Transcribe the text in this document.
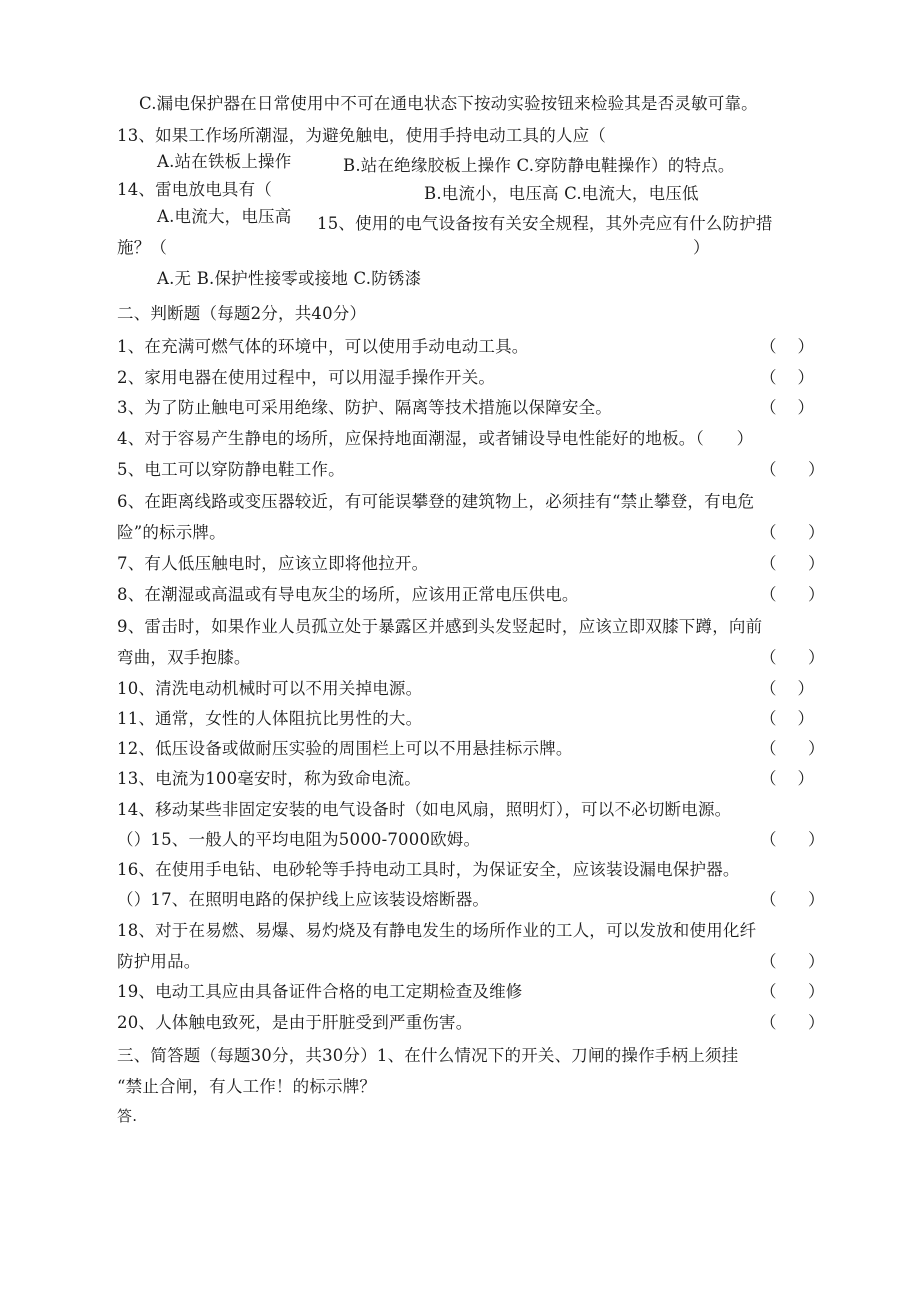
C.漏电保护器在日常使用中不可在通电状态下按动实验按钮来检验其是否灵敏可靠。
13、如果工作场所潮湿，为避免触电，使用手持电动工具的人应（
A.站在铁板上操作	B.站在绝缘胶板上操作 C.穿防静电鞋操作）的特点。
14、雷电放电具有（	B.电流小，电压高 C.电流大，电压低
A.电流大，电压高 15、使用的电气设备按有关安全规程，其外壳应有什么防护措
施？（	）
A.无 B.保护性接零或接地 C.防锈漆
二、判断题（每题2分，共40分）
1、在充满可燃气体的环境中，可以使用手动电动工具。	（    ）
2、家用电器在使用过程中，可以用湿手操作开关。	（    ）
3、为了防止触电可采用绝缘、防护、隔离等技术措施以保障安全。	（    ）
4、对于容易产生静电的场所，应保持地面潮湿，或者铺设导电性能好的地板。（      ）
5、电工可以穿防静电鞋工作。	（      ）
6、在距离线路或变压器较近，有可能误攀登的建筑物上，必须挂有“禁止攀登，有电危
险”的标示牌。	（      ）
7、有人低压触电时，应该立即将他拉开。	（      ）
8、在潮湿或高温或有导电灰尘的场所，应该用正常电压供电。	（      ）
9、雷击时，如果作业人员孤立处于暴露区并感到头发竖起时，应该立即双膝下蹲，向前
弯曲，双手抱膝。	（      ）
10、清洗电动机械时可以不用关掉电源。	（    ）
11、通常，女性的人体阻抗比男性的大。	（    ）
12、低压设备或做耐压实验的周围栏上可以不用悬挂标示牌。	（      ）
13、电流为100毫安时，称为致命电流。	（    ）
14、移动某些非固定安装的电气设备时（如电风扇，照明灯），可以不必切断电源。
（）15、一般人的平均电阻为5000-7000欧姆。	（      ）
16、在使用手电钻、电砂轮等手持电动工具时，为保证安全，应该装设漏电保护器。
（）17、在照明电路的保护线上应该装设熔断器。	（      ）
18、对于在易燃、易爆、易灼烧及有静电发生的场所作业的工人，可以发放和使用化纤
防护用品。	（      ）
19、电动工具应由具备证件合格的电工定期检查及维修	（      ）
20、人体触电致死，是由于肝脏受到严重伤害。	（      ）
三、简答题（每题30分，共30分）1、在什么情况下的开关、刀闸的操作手柄上须挂
“禁止合闸，有人工作！的标示牌？
答.
